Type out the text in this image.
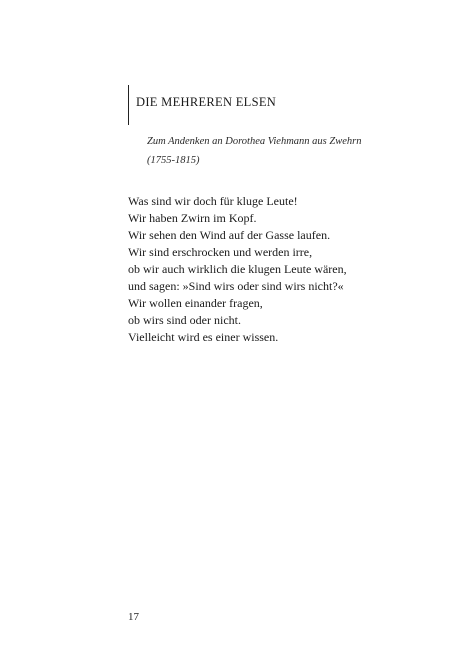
DIE MEHREREN ELSEN
Zum Andenken an Dorothea Viehmann aus Zwehrn
(1755-1815)
Was sind wir doch für kluge Leute!
Wir haben Zwirn im Kopf.
Wir sehen den Wind auf der Gasse laufen.
Wir sind erschrocken und werden irre,
ob wir auch wirklich die klugen Leute wären,
und sagen: »Sind wirs oder sind wirs nicht?«
Wir wollen einander fragen,
ob wirs sind oder nicht.
Vielleicht wird es einer wissen.
17
